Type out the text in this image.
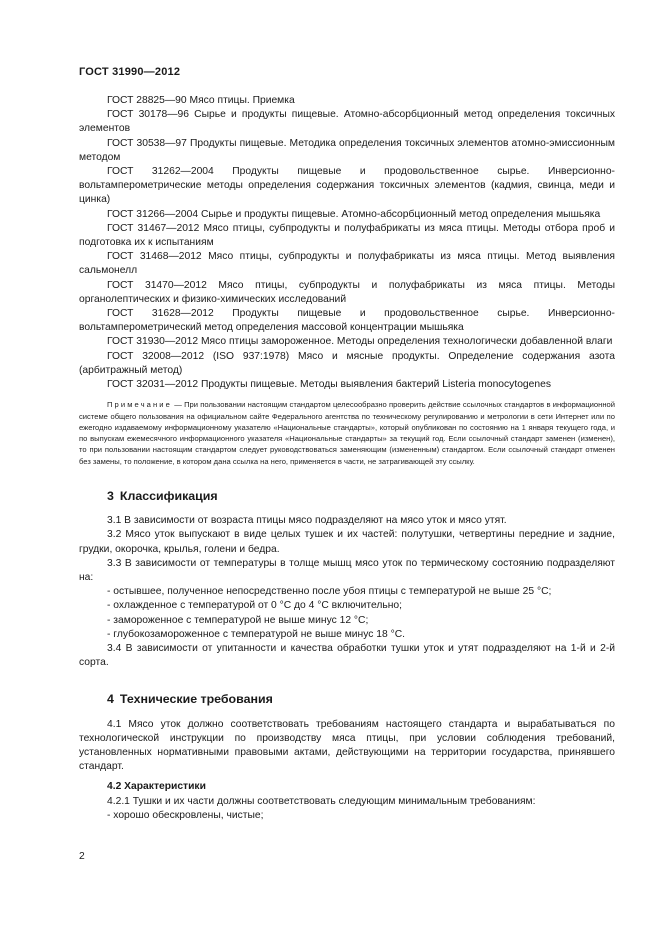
ГОСТ 31990—2012

ГОСТ 28825—90 Мясо птицы. Приемка

ГОСТ 30178—96 Сырье и продукты пищевые. Атомно-абсорбционный метод определения токсичных элементов

ГОСТ 30538—97 Продукты пищевые. Методика определения токсичных элементов атомно-эмиссионным методом

ГОСТ 31262—2004 Продукты пищевые и продовольственное сырье. Инверсионно-вольтамперометрические методы определения содержания токсичных элементов (кадмия, свинца, меди и цинка)

ГОСТ 31266—2004 Сырье и продукты пищевые. Атомно-абсорбционный метод определения мышьяка

ГОСТ 31467—2012 Мясо птицы, субпродукты и полуфабрикаты из мяса птицы. Методы отбора проб и подготовка их к испытаниям

ГОСТ 31468—2012 Мясо птицы, субпродукты и полуфабрикаты из мяса птицы. Метод выявления сальмонелл

ГОСТ 31470—2012 Мясо птицы, субпродукты и полуфабрикаты из мяса птицы. Методы органолептических и физико-химических исследований

ГОСТ 31628—2012 Продукты пищевые и продовольственное сырье. Инверсионно-вольтамперометрический метод определения массовой концентрации мышьяка

ГОСТ 31930—2012 Мясо птицы замороженное. Методы определения технологически добавленной влаги

ГОСТ 32008—2012 (ISO 937:1978) Мясо и мясные продукты. Определение содержания азота (арбитражный метод)

ГОСТ 32031—2012 Продукты пищевые. Методы выявления бактерий Listeria monocytogenes

Примечание — При пользовании настоящим стандартом целесообразно проверить действие ссылочных стандартов в информационной системе общего пользования на официальном сайте Федерального агентства по техническому регулированию и метрологии в сети Интернет или по ежегодно издаваемому информационному указателю «Национальные стандарты», который опубликован по состоянию на 1 января текущего года, и по выпускам ежемесячного информационного указателя «Национальные стандарты» за текущий год. Если ссылочный стандарт заменен (изменен), то при пользовании настоящим стандартом следует руководствоваться заменяющим (измененным) стандартом. Если ссылочный стандарт отменен без замены, то положение, в котором дана ссылка на него, применяется в части, не затрагивающей эту ссылку.

3 Классификация

3.1 В зависимости от возраста птицы мясо подразделяют на мясо уток и мясо утят.

3.2 Мясо уток выпускают в виде целых тушек и их частей: полутушки, четвертины передние и задние, грудки, окорочка, крылья, голени и бедра.

3.3 В зависимости от температуры в толще мышц мясо уток по термическому состоянию подразделяют на:

- остывшее, полученное непосредственно после убоя птицы с температурой не выше 25 °С;

- охлажденное с температурой от 0 °С до 4 °С включительно;

- замороженное с температурой не выше минус 12 °С;

- глубокозамороженное с температурой не выше минус 18 °С.

3.4 В зависимости от упитанности и качества обработки тушки уток и утят подразделяют на 1-й и 2-й сорта.

4 Технические требования

4.1 Мясо уток должно соответствовать требованиям настоящего стандарта и вырабатываться по технологической инструкции по производству мяса птицы, при условии соблюдения требований, установленных нормативными правовыми актами, действующими на территории государства, принявшего стандарт.

4.2 Характеристики

4.2.1 Тушки и их части должны соответствовать следующим минимальным требованиям:

- хорошо обескровлены, чистые;

2
